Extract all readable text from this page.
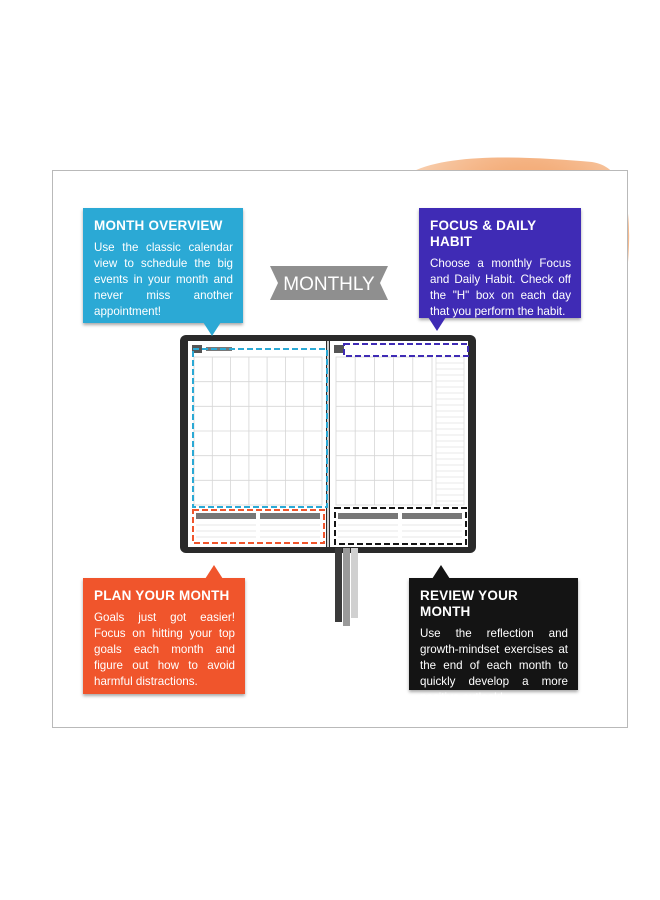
MONTHLY
MONTH OVERVIEW

Use the classic calendar view to schedule the big events in your month and never miss another appointment!

FOCUS & DAILY HABIT

Choose a monthly Focus and Daily Habit. Check off the "H" box on each day that you perform the habit.

PLAN YOUR MONTH

Goals just got easier! Focus on hitting your top goals each month and figure out how to avoid harmful distractions.

REVIEW YOUR MONTH

Use the reflection and growth-mindset exercises at the end of each month to quickly develop a more positive outlook!
